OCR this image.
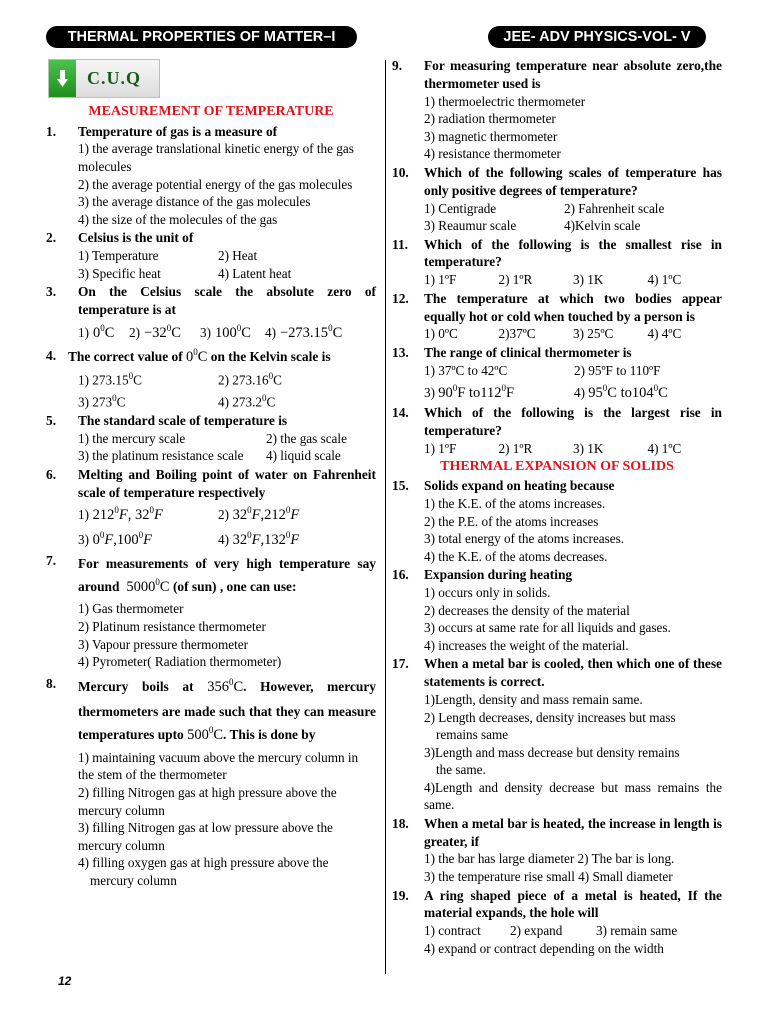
THERMAL PROPERTIES OF MATTER–I	JEE- ADV PHYSICS-VOL- V
C.U.Q
MEASUREMENT OF TEMPERATURE
1.	Temperature of gas is a measure of
1) the average translational kinetic energy of the gas molecules
2) the average potential energy of the gas molecules
3) the average distance of the gas molecules
4) the size of the molecules of the gas
2.	Celsius is the unit of
1) Temperature	2) Heat
3) Specific heat	4) Latent heat
3.	On the Celsius scale the absolute zero of temperature is at
1) $0^0C$	$2) -32^0C$	3) $100^0C$	$4) -273.15^0C$
4. The correct value of $0^0C$ on the Kelvin scale is
1) 273.15$^0$C	2) 273.16$^0$C
3) $273^0C$	4) 273.2$^0$C
5.	The standard scale of temperature is
1) the mercury scale	2) the gas scale
3) the platinum resistance scale	4) liquid scale
6.	Melting and Boiling point of water on Fahrenheit scale of temperature respectively
1) $212^0F$, $32^0F$	2) $32^0F,212^0F$
3) $0^0F,100^0F$	4) $32^0F,132^0F$
7.	For measurements of very high temperature say around 5000$^0$C (of sun) , one can use:
1) Gas thermometer
2) Platinum resistance thermometer
3) Vapour pressure thermometer
4) Pyrometer( Radiation thermometer)
8.	Mercury boils at $356^0C$. However, mercury thermometers are made such that they can measure temperatures upto $500^0C$. This is done by
1) maintaining vacuum above the mercury column in the stem of the thermometer
2) filling Nitrogen gas at high pressure above the mercury column
3) filling Nitrogen gas at low pressure above the mercury column
4) filling oxygen gas at high pressure above the
mercury column
9.	For measuring temperature near absolute zero,the thermometer used is
1) thermoelectric thermometer
2) radiation thermometer
3) magnetic thermometer
4) resistance thermometer
10.	Which of the following scales of temperature has only positive degrees of temperature?
1) Centigrade	2) Fahrenheit scale
3) Reaumur scale	4)Kelvin scale
11.	Which of the following is the smallest rise in temperature?
1) 1ºF	2) 1ºR	3) 1K	4) 1ºC
12.	The temperature at which two bodies appear equally hot or cold when touched by a person is
1) 0ºC	2)37ºC	3) 25ºC	4) 4ºC
13.	The range of clinical thermometer is
1) 37ºC to 42ºC	2) 95ºF to 110ºF
3) $90^0F$ $to112^0F$	4) $95^0C$ $to104^0C$
14.	Which of the following is the largest rise in temperature?
1) 1ºF	2) 1ºR	3) 1K	4) 1ºC
THERMAL EXPANSION OF SOLIDS
15.	Solids expand on heating because
1) the K.E. of the atoms increases.
2) the P.E. of the atoms increases
3) total energy of the atoms increases.
4) the K.E. of the atoms decreases.
16.	Expansion during heating
1) occurs only in solids.
2) decreases the density of the material
3) occurs at same rate for all liquids and gases.
4) increases the weight of the material.
17.	When a metal bar is cooled, then which one of these statements is correct.
1)Length, density and mass remain same.
2) Length decreases, density increases but mass
remains same
3)Length and mass decrease but density remains
the same.
4)Length and density decrease but mass remains the same.
18.	When a metal bar is heated, the increase in length is greater, if
1) the bar has large diameter 2) The bar is long.
3) the temperature rise small 4) Small diameter
19.	A ring shaped piece of a metal is heated, If the material expands, the hole will
1) contract	2) expand	3) remain same
4) expand or contract depending on the width
12
